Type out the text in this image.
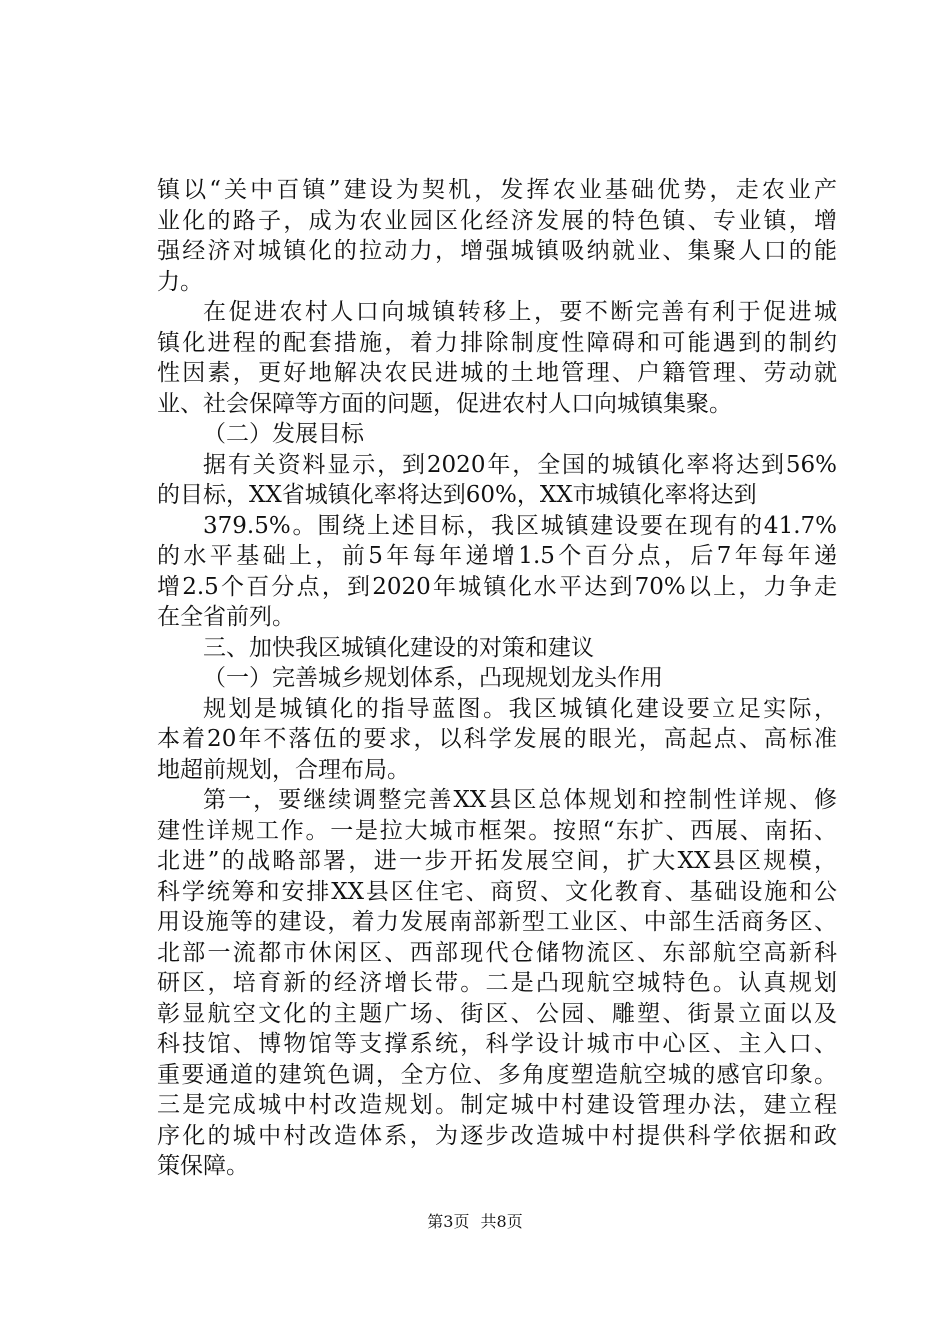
镇以“关中百镇”建设为契机，发挥农业基础优势，走农业产
业化的路子，成为农业园区化经济发展的特色镇、专业镇，增
强经济对城镇化的拉动力，增强城镇吸纳就业、集聚人口的能
力。
在促进农村人口向城镇转移上，要不断完善有利于促进城
镇化进程的配套措施，着力排除制度性障碍和可能遇到的制约
性因素，更好地解决农民进城的土地管理、户籍管理、劳动就
业、社会保障等方面的问题，促进农村人口向城镇集聚。
（二）发展目标
据有关资料显示，到2020年，全国的城镇化率将达到56%
的目标，XX省城镇化率将达到60%，XX市城镇化率将达到
379.5%。围绕上述目标，我区城镇建设要在现有的41.7%
的水平基础上，前5年每年递增1.5个百分点，后7年每年递
增2.5个百分点，到2020年城镇化水平达到70%以上，力争走
在全省前列。
三、加快我区城镇化建设的对策和建议
（一）完善城乡规划体系，凸现规划龙头作用
规划是城镇化的指导蓝图。我区城镇化建设要立足实际，
本着20年不落伍的要求，以科学发展的眼光，高起点、高标准
地超前规划，合理布局。
第一，要继续调整完善XX县区总体规划和控制性详规、修
建性详规工作。一是拉大城市框架。按照“东扩、西展、南拓、
北进”的战略部署，进一步开拓发展空间，扩大XX县区规模，
科学统筹和安排XX县区住宅、商贸、文化教育、基础设施和公
用设施等的建设，着力发展南部新型工业区、中部生活商务区、
北部一流都市休闲区、西部现代仓储物流区、东部航空高新科
研区，培育新的经济增长带。二是凸现航空城特色。认真规划
彰显航空文化的主题广场、街区、公园、雕塑、街景立面以及
科技馆、博物馆等支撑系统，科学设计城市中心区、主入口、
重要通道的建筑色调，全方位、多角度塑造航空城的感官印象。
三是完成城中村改造规划。制定城中村建设管理办法，建立程
序化的城中村改造体系，为逐步改造城中村提供科学依据和政
策保障。
第3页 共8页
